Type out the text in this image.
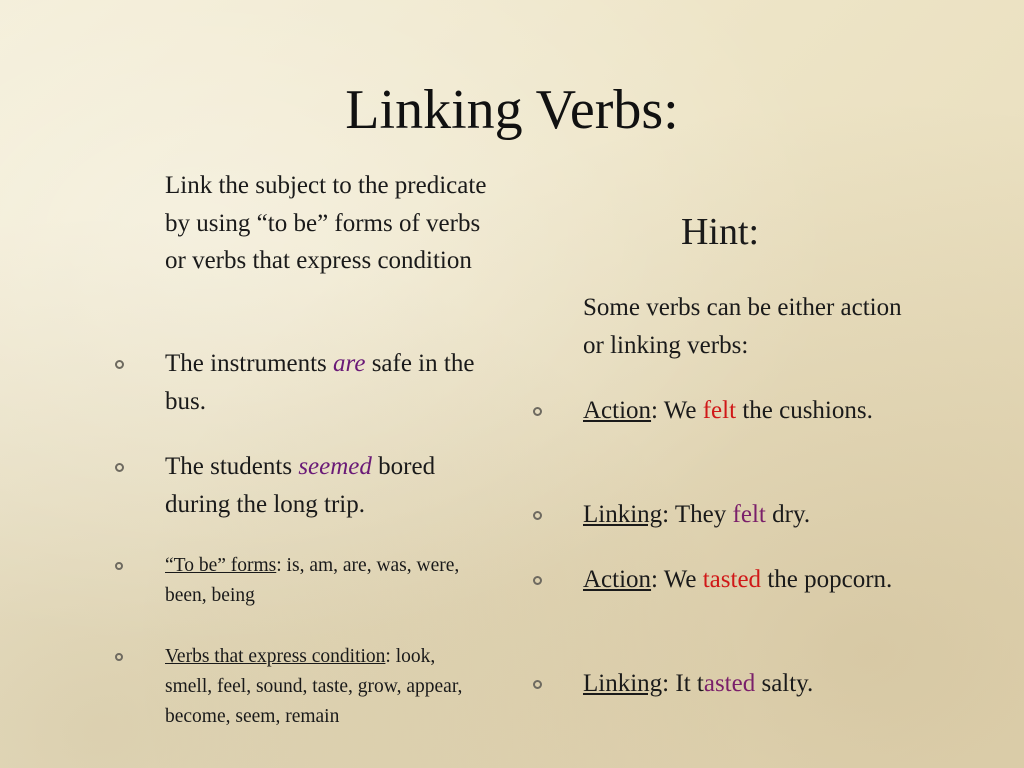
Linking Verbs:
Link the subject to the predicate by using “to be” forms of verbs or verbs that express condition
The instruments are safe in the bus.
The students seemed bored during the long trip.
“To be” forms: is, am, are, was, were, been, being
Verbs that express condition: look, smell, feel, sound, taste, grow, appear, become, seem, remain
Hint:
Some verbs can be either action or linking verbs:
Action: We felt the cushions.
Linking: They felt dry.
Action: We tasted the popcorn.
Linking: It tasted salty.
